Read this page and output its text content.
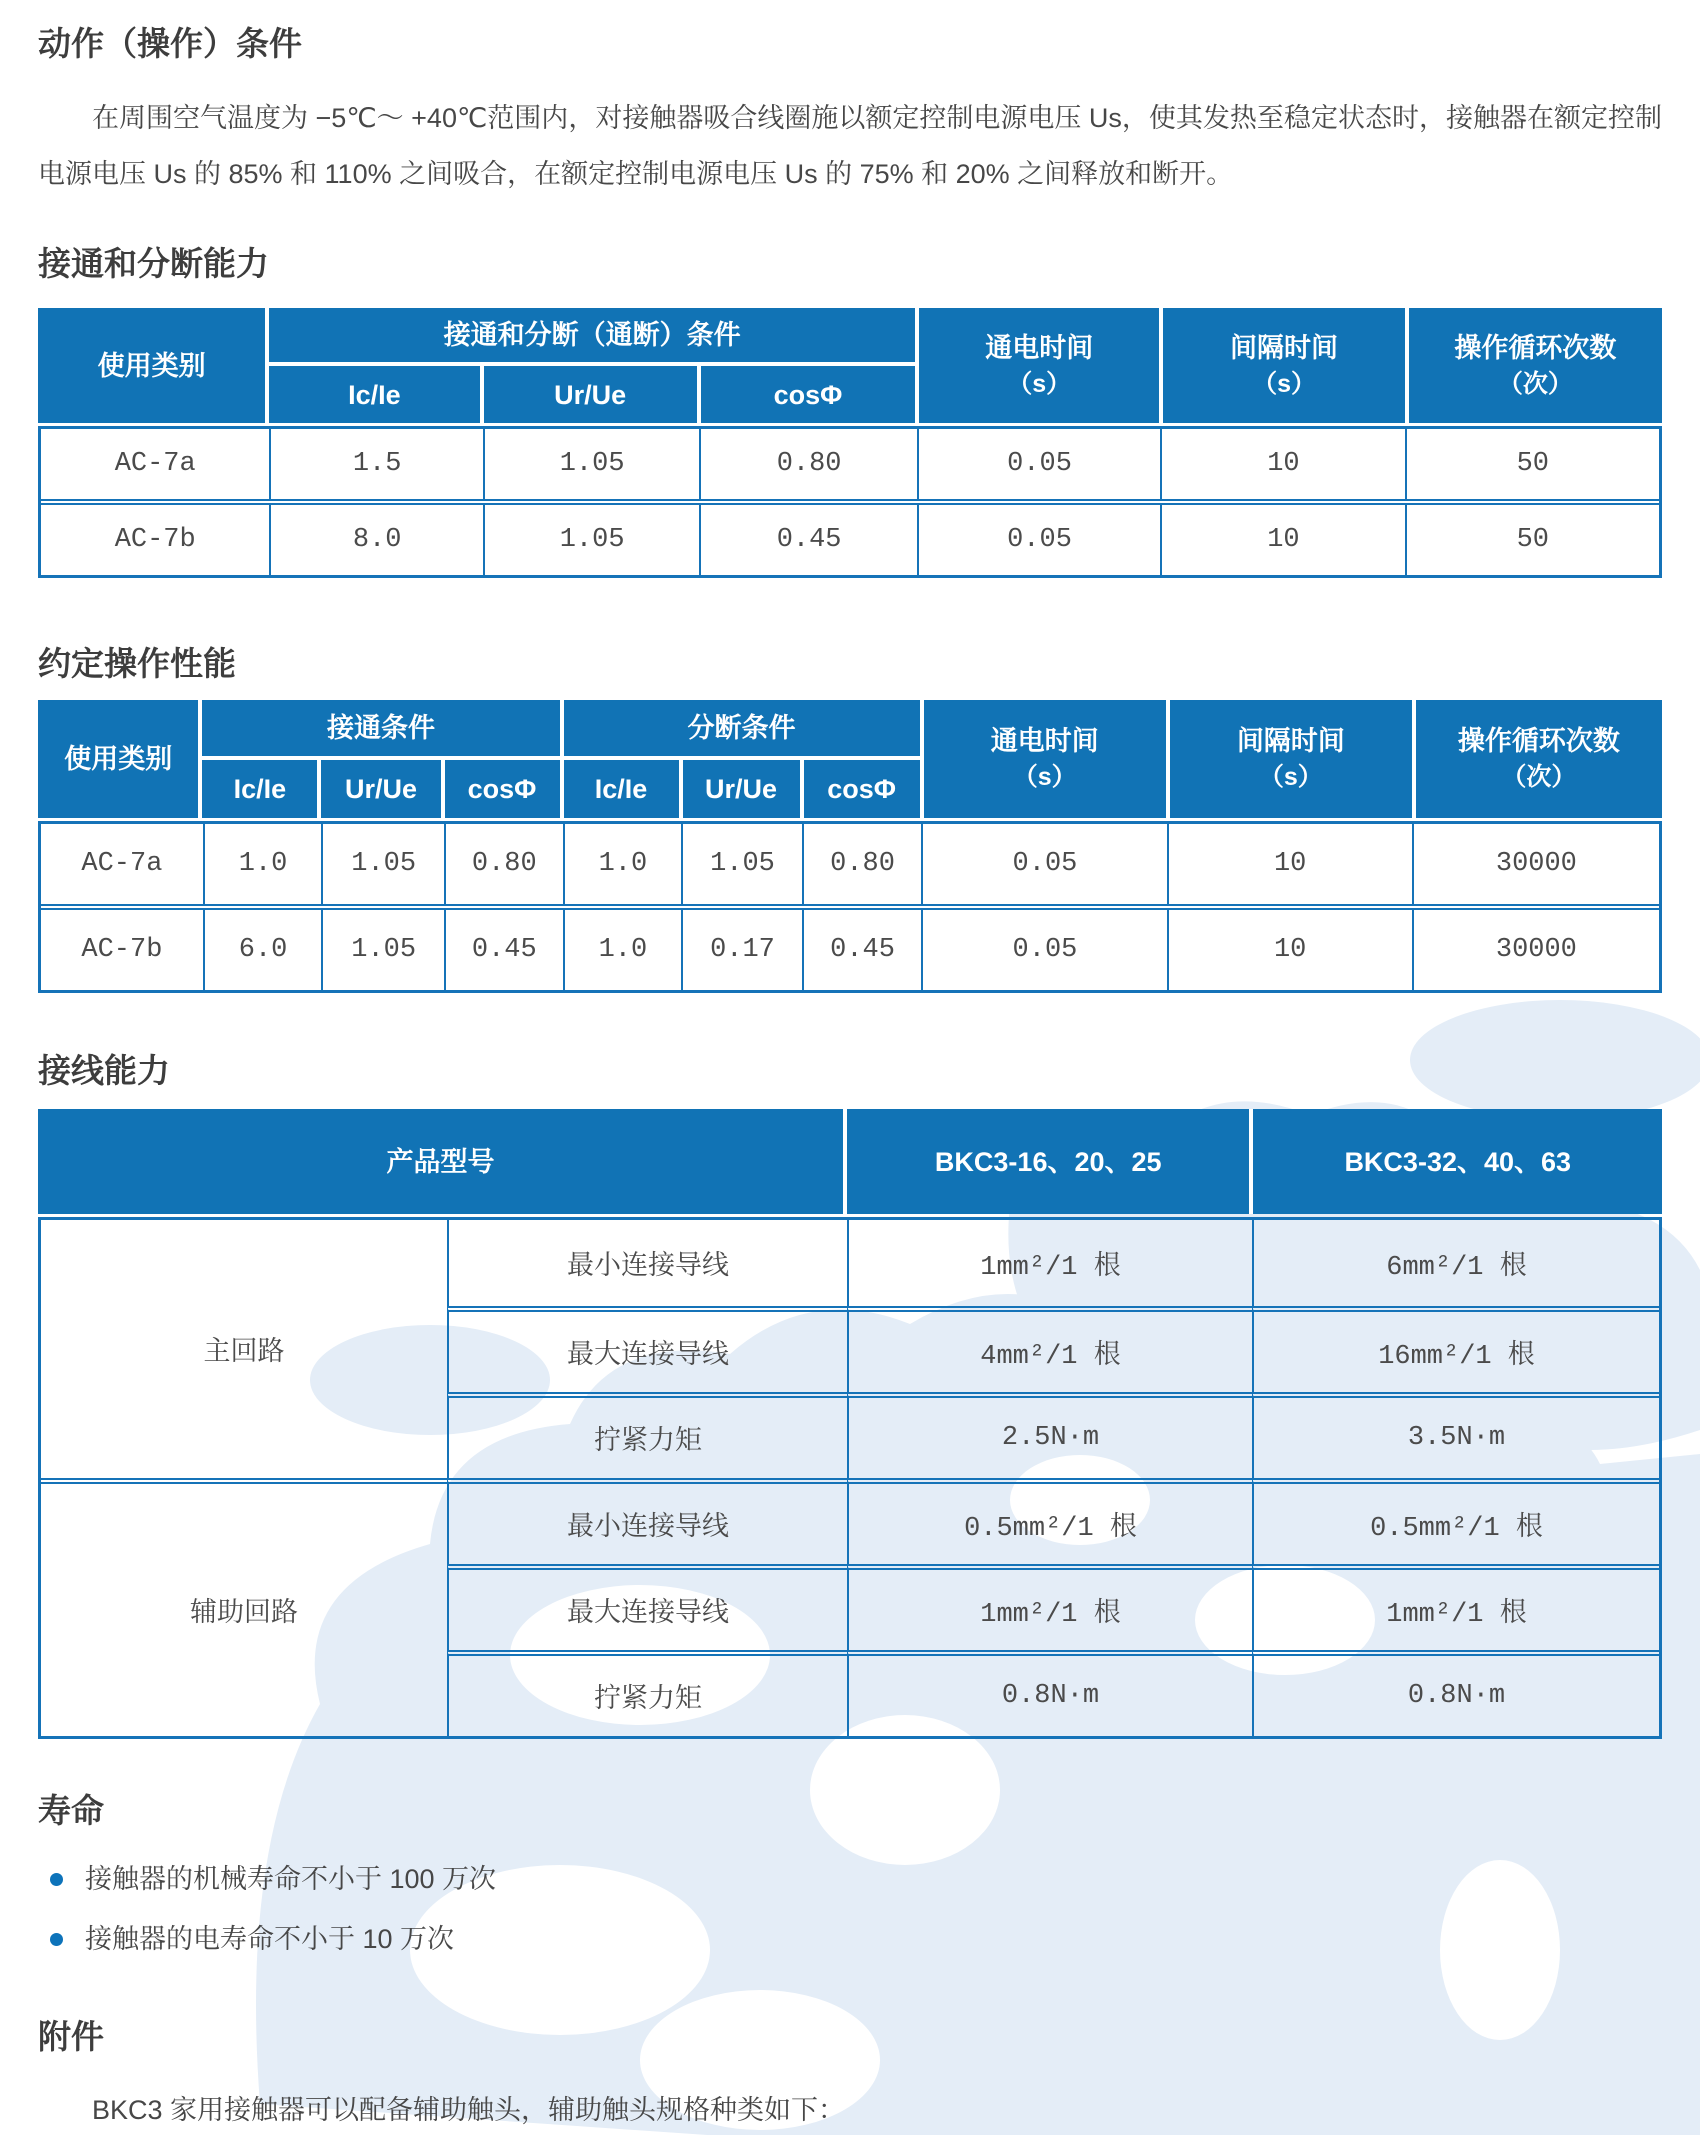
动作（操作）条件

在周围空气温度为 −5℃～ +40℃范围内，对接触器吸合线圈施以额定控制电源电压 Us，使其发热至稳定状态时，接触器在额定控制电源电压 Us 的 85% 和 110% 之间吸合，在额定控制电源电压 Us 的 75% 和 20% 之间释放和断开。

接通和分断能力
使用类别
接通和分断（通断）条件
Ic/Ie	Ur/Ue	cosΦ
通电时间
（s）
间隔时间
（s）
操作循环次数
（次）
AC-7a	1.5	1.05	0.80	0.05	10	50
AC-7b	8.0	1.05	0.45	0.05	10	50
约定操作性能
使用类别
接通条件	分断条件
Ic/Ie Ur/Ue cosΦ Ic/Ie Ur/Ue cosΦ
通电时间
（s）
间隔时间
（s）
操作循环次数
（次）
AC-7a	1.0	1.05	0.80	1.0	1.05	0.80	0.05	10	30000
AC-7b	6.0	1.05	0.45	1.0	0.17	0.45	0.05	10	30000
接线能力
产品型号	BKC3-16、20、25	BKC3-32、40、63
主回路
最小连接导线	1mm²/1 根	6mm²/1 根
最大连接导线	4mm²/1 根	16mm²/1 根
拧紧力矩	2.5N·m	3.5N·m
辅助回路
最小连接导线	0.5mm²/1 根	0.5mm²/1 根
最大连接导线	1mm²/1 根	1mm²/1 根
拧紧力矩	0.8N·m	0.8N·m
寿命
接触器的机械寿命不小于 100 万次
接触器的电寿命不小于 10 万次
附件

BKC3 家用接触器可以配备辅助触头，辅助触头规格种类如下：
